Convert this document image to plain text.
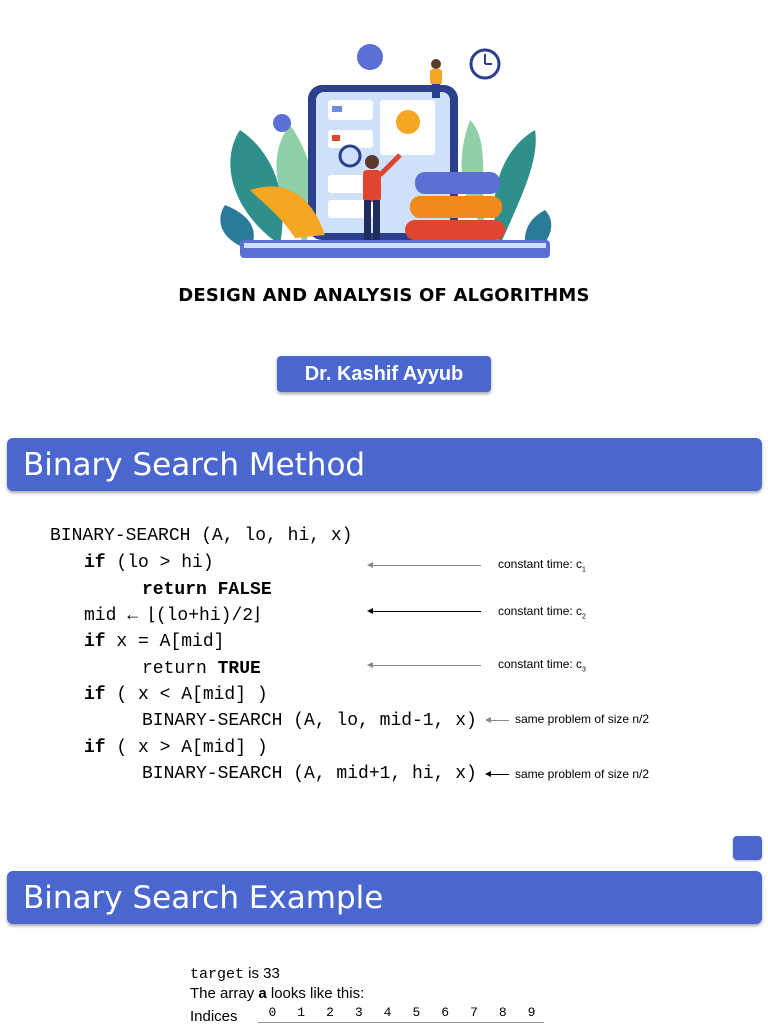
DESIGN AND ANALYSIS OF ALGORITHMS
Dr. Kashif Ayyub
Binary Search Method
BINARY-SEARCH (A, lo, hi, x)
if (lo > hi)
return FALSE
mid ← ⌊(lo+hi)/2⌋
if x = A[mid]
return TRUE
if ( x < A[mid] )
BINARY-SEARCH (A, lo, mid-1, x)
if ( x > A[mid] )
BINARY-SEARCH (A, mid+1, hi, x)
constant time: $c_1$
constant time: $c_2$
constant time: $c_3$
same problem of size n/2
same problem of size n/2
Binary Search Example
target is 33
The array a looks like this:
Indices	0 1 2 3 4 5 6 7 8 9
